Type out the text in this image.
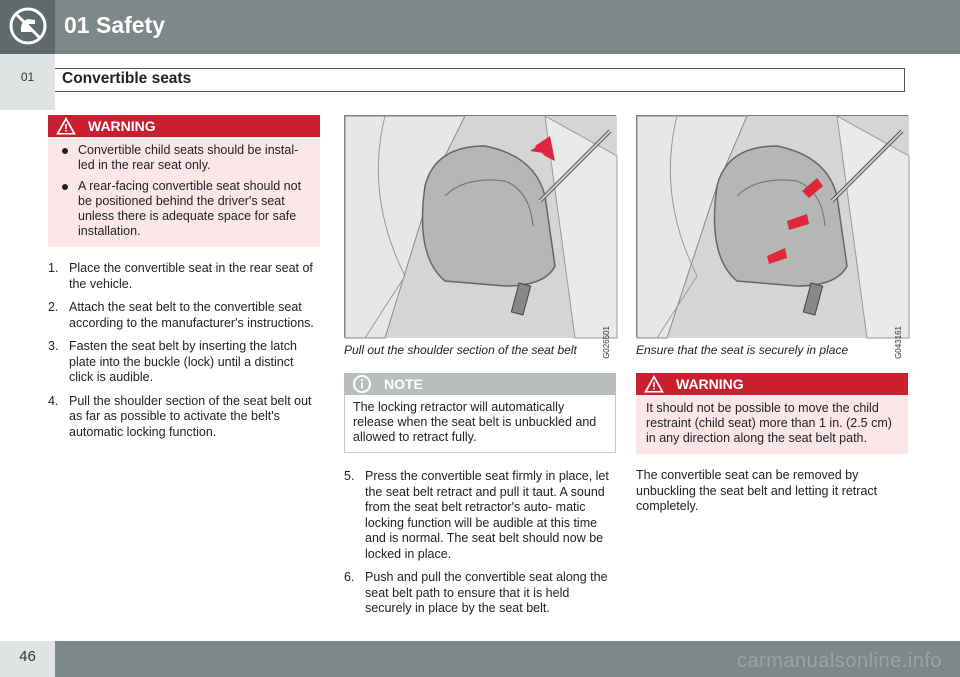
01 Safety
01	Convertible seats
WARNING
Convertible child seats should be instal- led in the rear seat only.
A rear-facing convertible seat should not be positioned behind the driver's seat unless there is adequate space for safe installation.
1. Place the convertible seat in the rear seat of the vehicle.
2. Attach the seat belt to the convertible seat according to the manufacturer's instructions.
3. Fasten the seat belt by inserting the latch plate into the buckle (lock) until a distinct click is audible.
4. Pull the shoulder section of the seat belt out as far as possible to activate the belt's automatic locking function.
G026501
Pull out the shoulder section of the seat belt
NOTE
The locking retractor will automatically release when the seat belt is unbuckled and allowed to retract fully.
5. Press the convertible seat firmly in place, let the seat belt retract and pull it taut. A sound from the seat belt retractor's auto- matic locking function will be audible at this time and is normal. The seat belt should now be locked in place.
6. Push and pull the convertible seat along the seat belt path to ensure that it is held securely in place by the seat belt.
G043161
Ensure that the seat is securely in place
WARNING
It should not be possible to move the child restraint (child seat) more than 1 in. (2.5 cm) in any direction along the seat belt path.
The convertible seat can be removed by unbuckling the seat belt and letting it retract completely.
46	carmanualsonline.info
